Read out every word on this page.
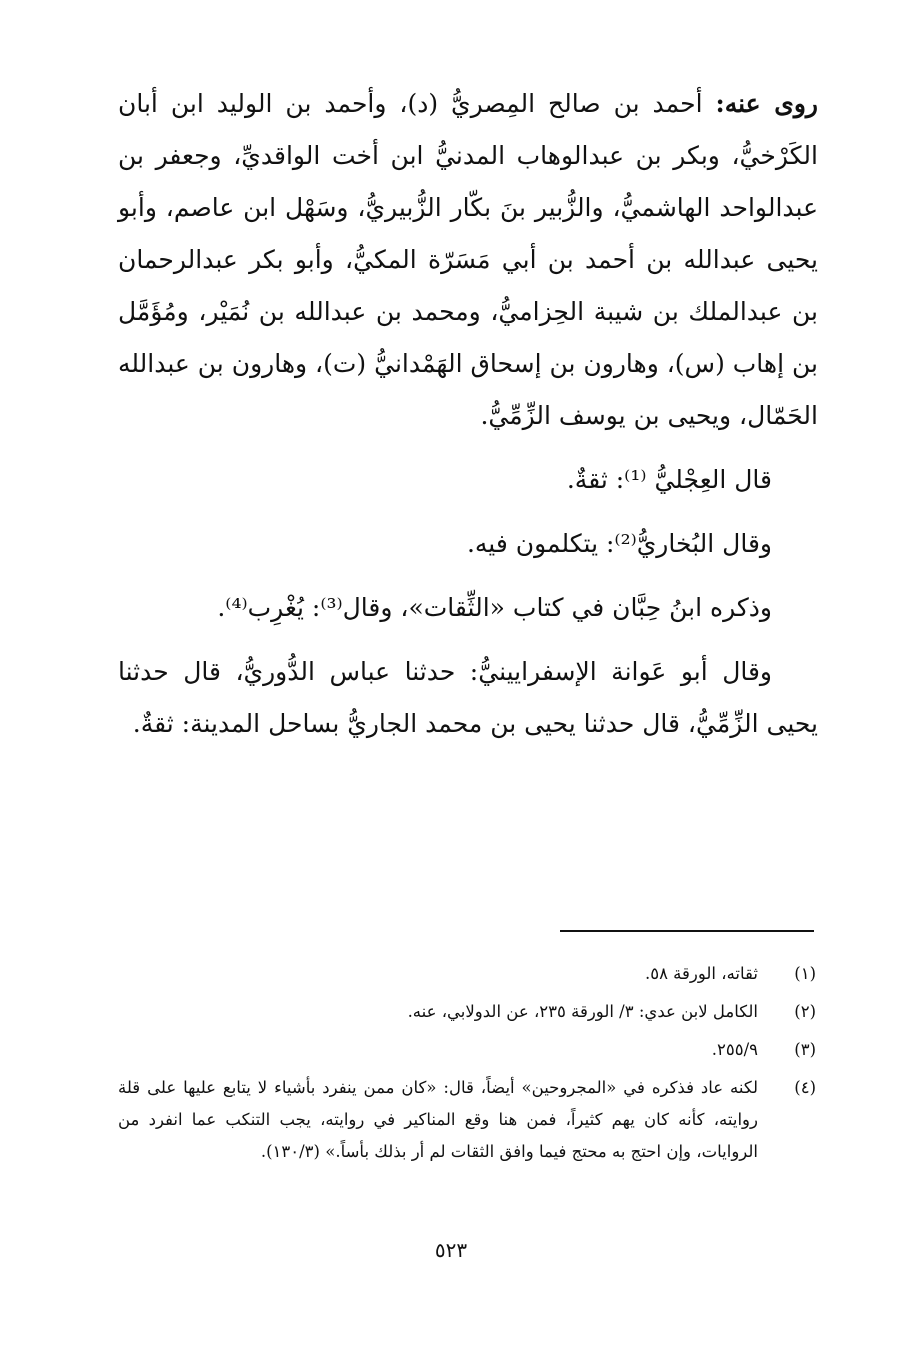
روى عنه: أحمد بن صالح المِصريُّ (د)، وأحمد بن الوليد ابن أبان الكَرْخيُّ، وبكر بن عبدالوهاب المدنيُّ ابن أخت الواقديِّ، وجعفر بن عبدالواحد الهاشميُّ، والزُّبير بنَ بكّار الزُّبيريُّ، وسَهْل ابن عاصم، وأبو يحيى عبدالله بن أحمد بن أبي مَسَرّة المكيُّ، وأبو بكر عبدالرحمان بن عبدالملك بن شيبة الحِزاميُّ، ومحمد بن عبدالله بن نُمَيْر، ومُؤَمَّل بن إهاب (س)، وهارون بن إسحاق الهَمْدانيُّ (ت)، وهارون بن عبدالله الحَمّال، ويحيى بن يوسف الزِّمِّيُّ.

قال العِجْليُّ ⁽¹⁾: ثقةٌ.

وقال البُخاريُّ⁽²⁾: يتكلمون فيه.

وذكره ابنُ حِبَّان في كتاب «الثِّقات»، وقال⁽³⁾: يُغْرِب⁽⁴⁾.

وقال أبو عَوانة الإسفرايينيُّ: حدثنا عباس الدُّوريُّ، قال حدثنا يحيى الزِّمِّيُّ، قال حدثنا يحيى بن محمد الجاريُّ بساحل المدينة: ثقةٌ.

(١)
ثقاته، الورقة ٥٨.
(٢)
الكامل لابن عدي: ٣/ الورقة ٢٣٥، عن الدولابي، عنه.
(٣)
٢٥٥/٩.
(٤)
لكنه عاد فذكره في «المجروحين» أيضاً، قال: «كان ممن ينفرد بأشياء لا يتابع عليها على قلة روايته، كأنه كان يهم كثيراً، فمن هنا وقع المناكير في روايته، يجب التنكب عما انفرد من الروايات، وإن احتج به محتج فيما وافق الثقات لم أر بذلك بأساً.» (١٣٠/٣).
٥٢٣
